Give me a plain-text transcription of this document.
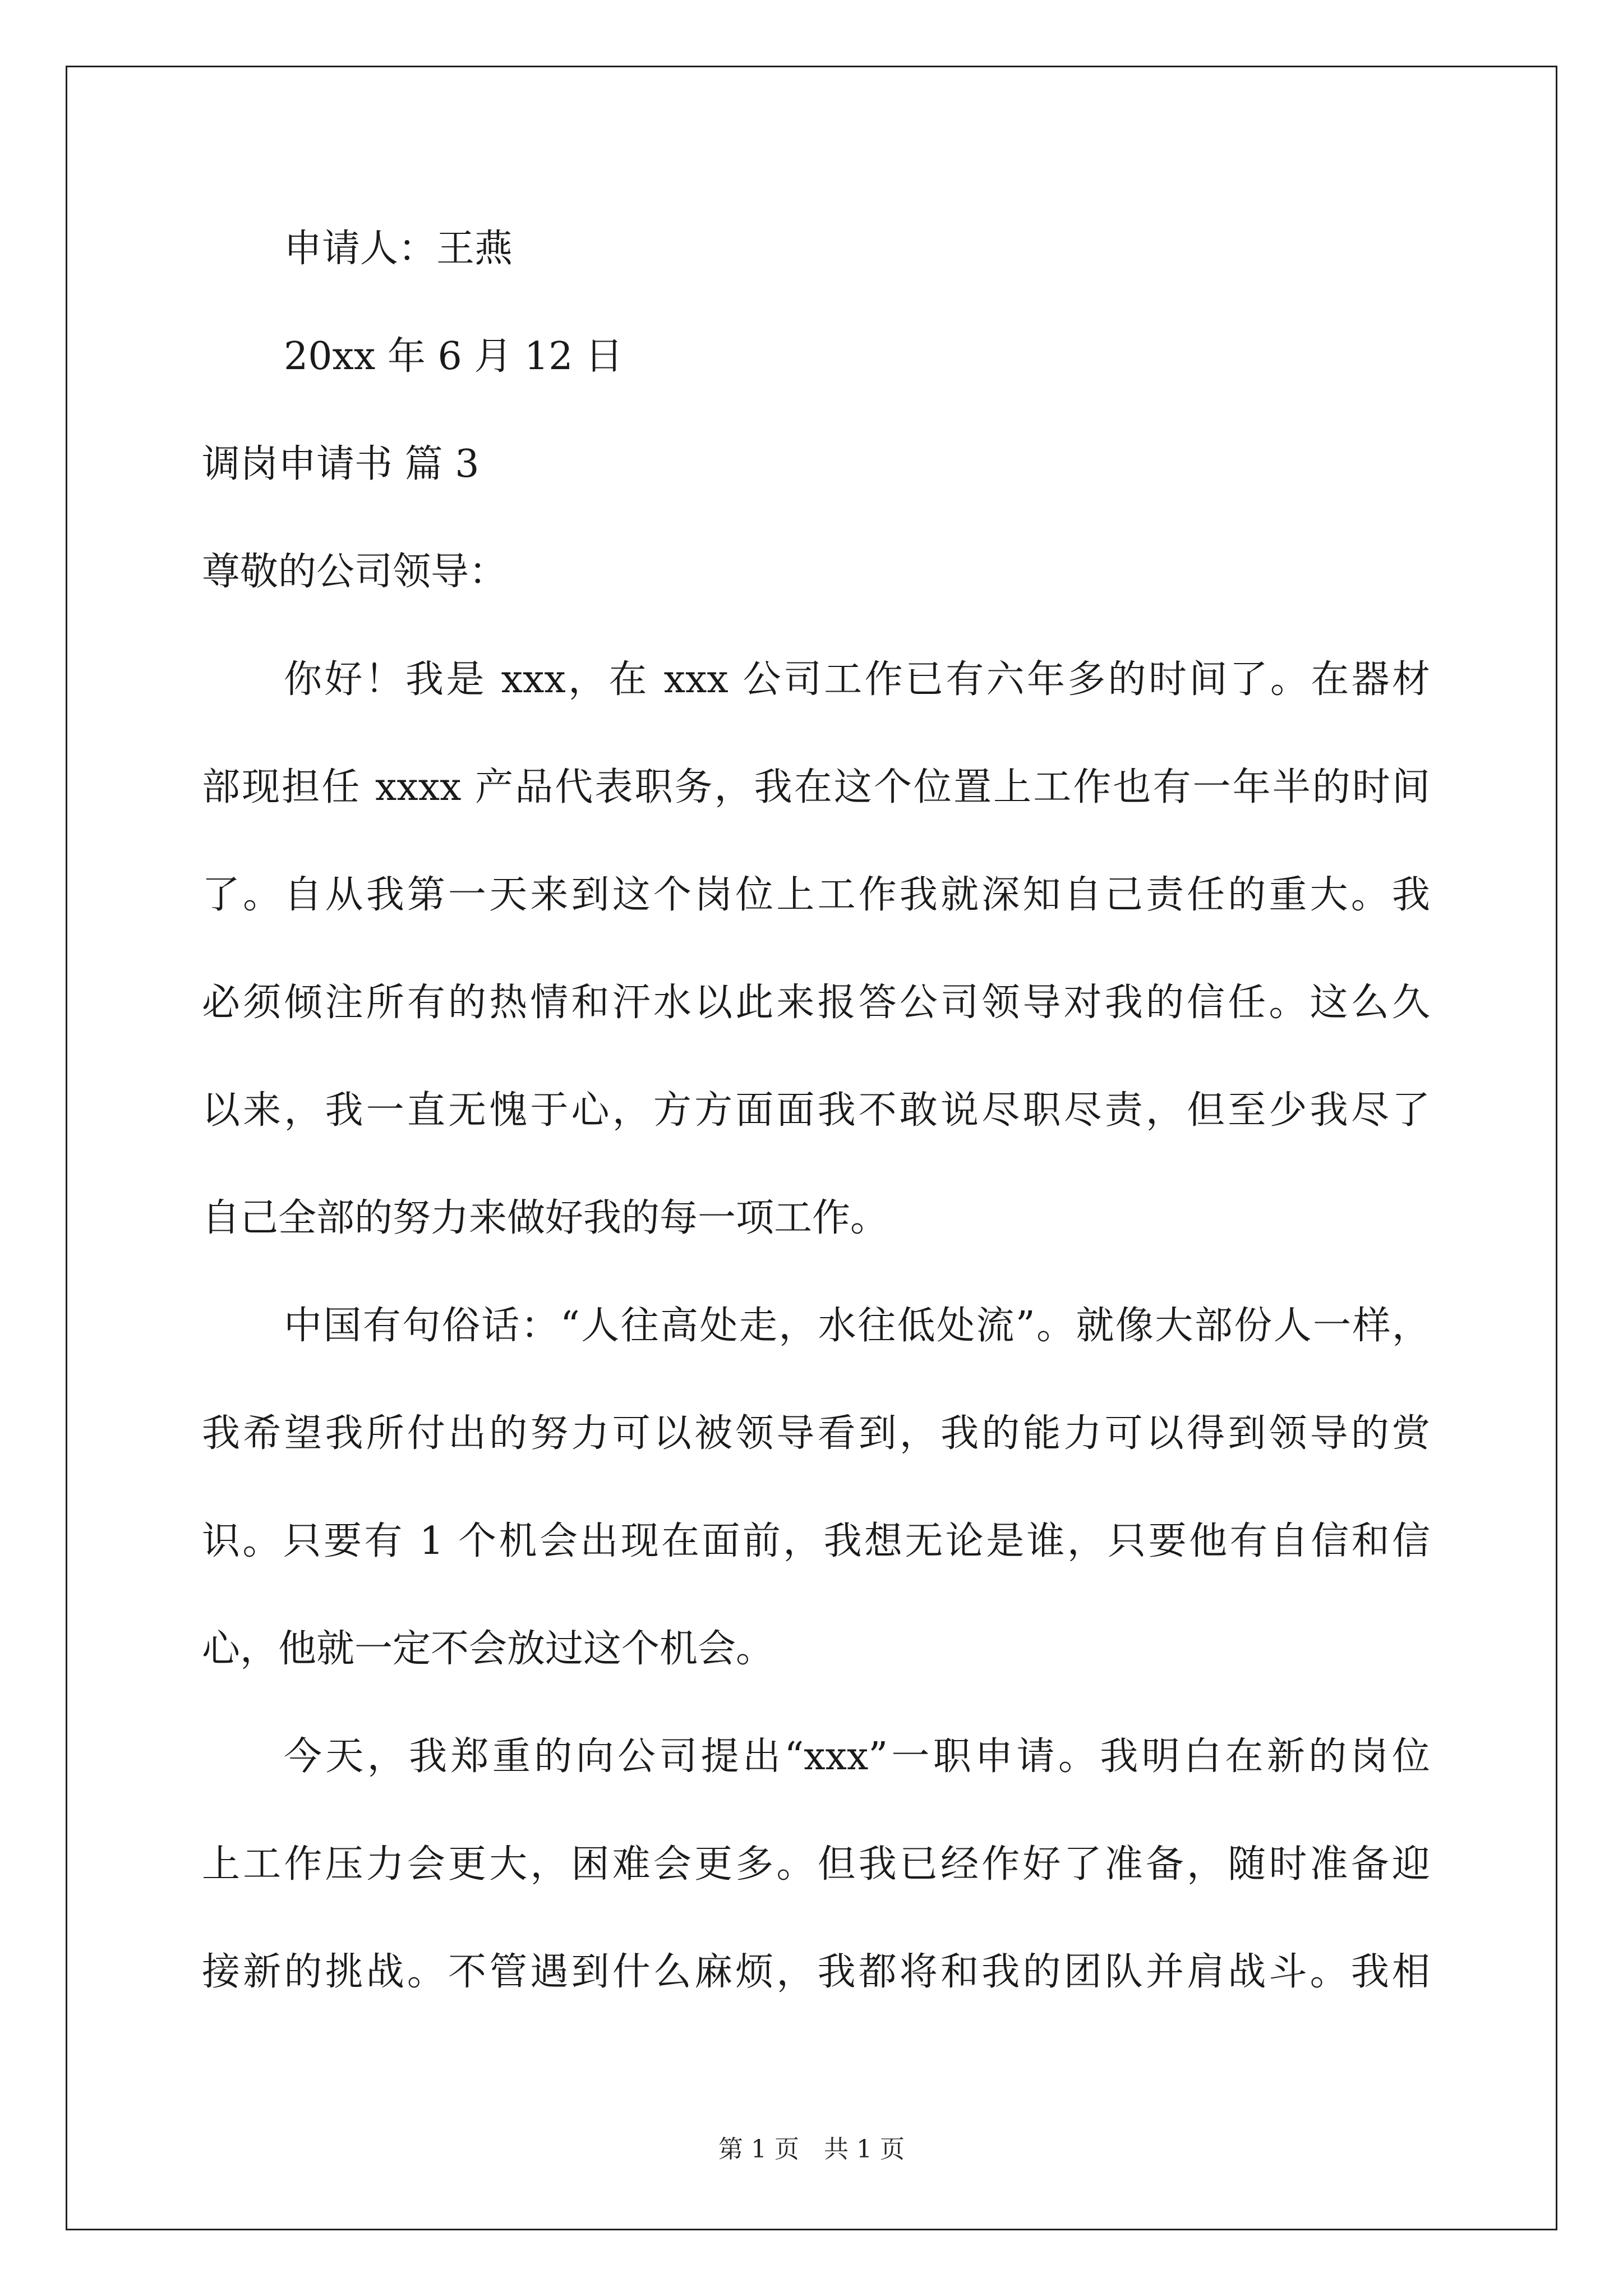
申请人：王燕
20xx 年 6 月 12 日
调岗申请书 篇 3
尊敬的公司领导：
你好！我是 xxx，在 xxx 公司工作已有六年多的时间了。在器材
部现担任 xxxx 产品代表职务，我在这个位置上工作也有一年半的时间
了。自从我第一天来到这个岗位上工作我就深知自己责任的重大。我
必须倾注所有的热情和汗水以此来报答公司领导对我的信任。这么久
以来，我一直无愧于心，方方面面我不敢说尽职尽责，但至少我尽了
自己全部的努力来做好我的每一项工作。
中国有句俗话：“人往高处走，水往低处流”。就像大部份人一样，
我希望我所付出的努力可以被领导看到，我的能力可以得到领导的赏
识。只要有 1 个机会出现在面前，我想无论是谁，只要他有自信和信
心，他就一定不会放过这个机会。
今天，我郑重的向公司提出“xxx”一职申请。我明白在新的岗位
上工作压力会更大，困难会更多。但我已经作好了准备，随时准备迎
接新的挑战。不管遇到什么麻烦，我都将和我的团队并肩战斗。我相
第 1 页　共 1 页
